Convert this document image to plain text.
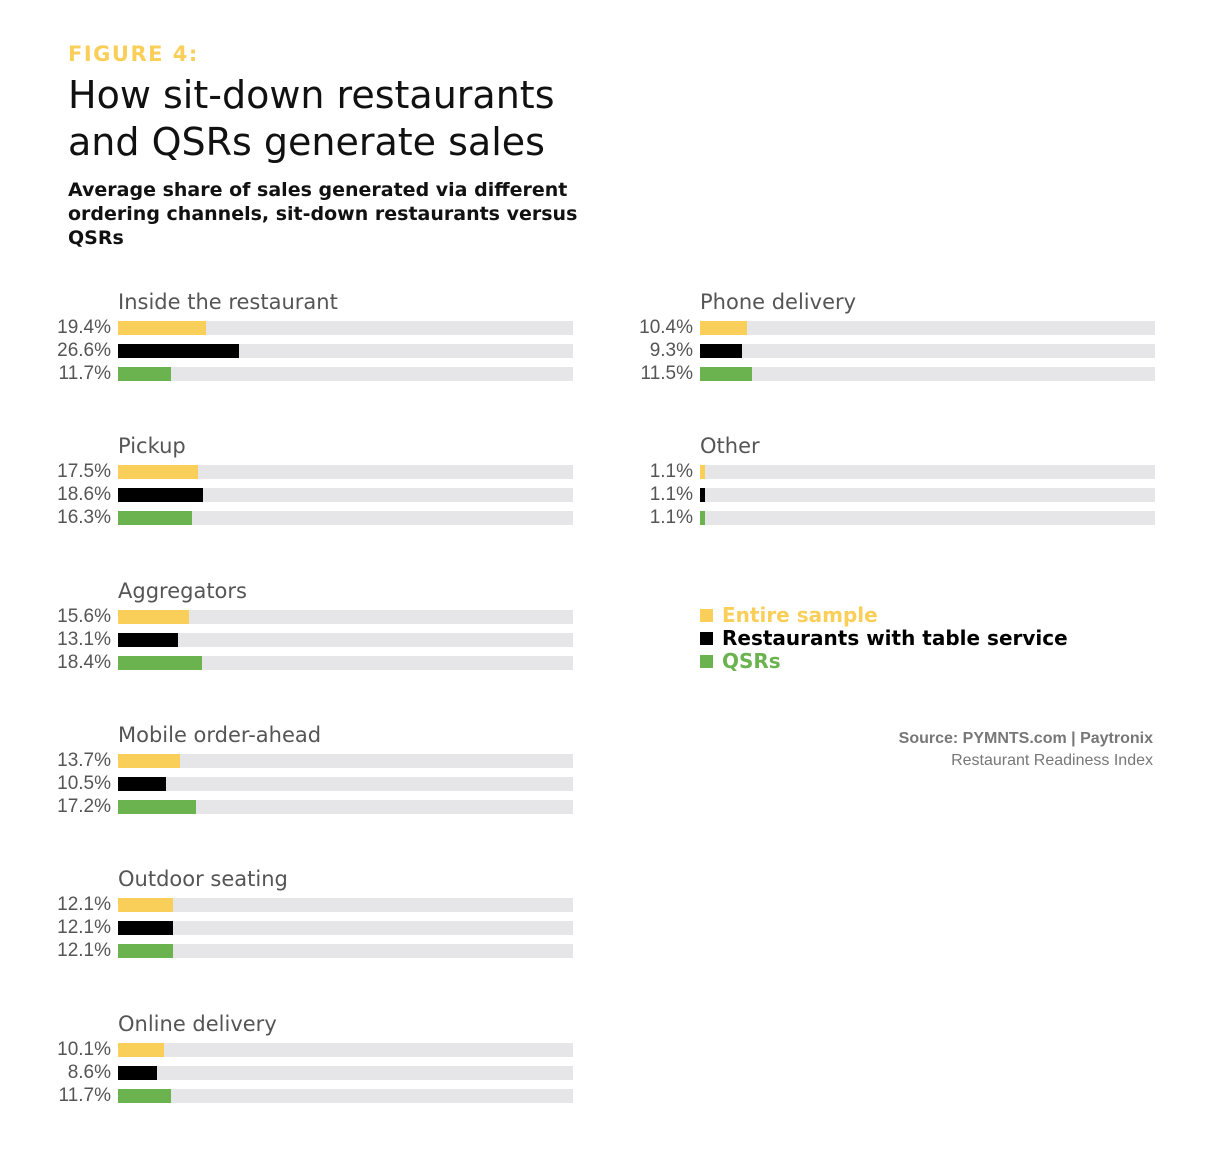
FIGURE 4:
How sit-down restaurants
and QSRs generate sales
Average share of sales generated via different ordering channels, sit-down restaurants versus QSRs
Inside the restaurant
19.4%
26.6%
11.7%
Pickup
17.5%
18.6%
16.3%
Aggregators
15.6%
13.1%
18.4%
Mobile order-ahead
13.7%
10.5%
17.2%
Outdoor seating
12.1%
12.1%
12.1%
Online delivery
10.1%
8.6%
11.7%
Phone delivery
10.4%
9.3%
11.5%
Other
1.1%
1.1%
1.1%
Entire sample
Restaurants with table service
QSRs
Source: PYMNTS.com | Paytronix
Restaurant Readiness Index
